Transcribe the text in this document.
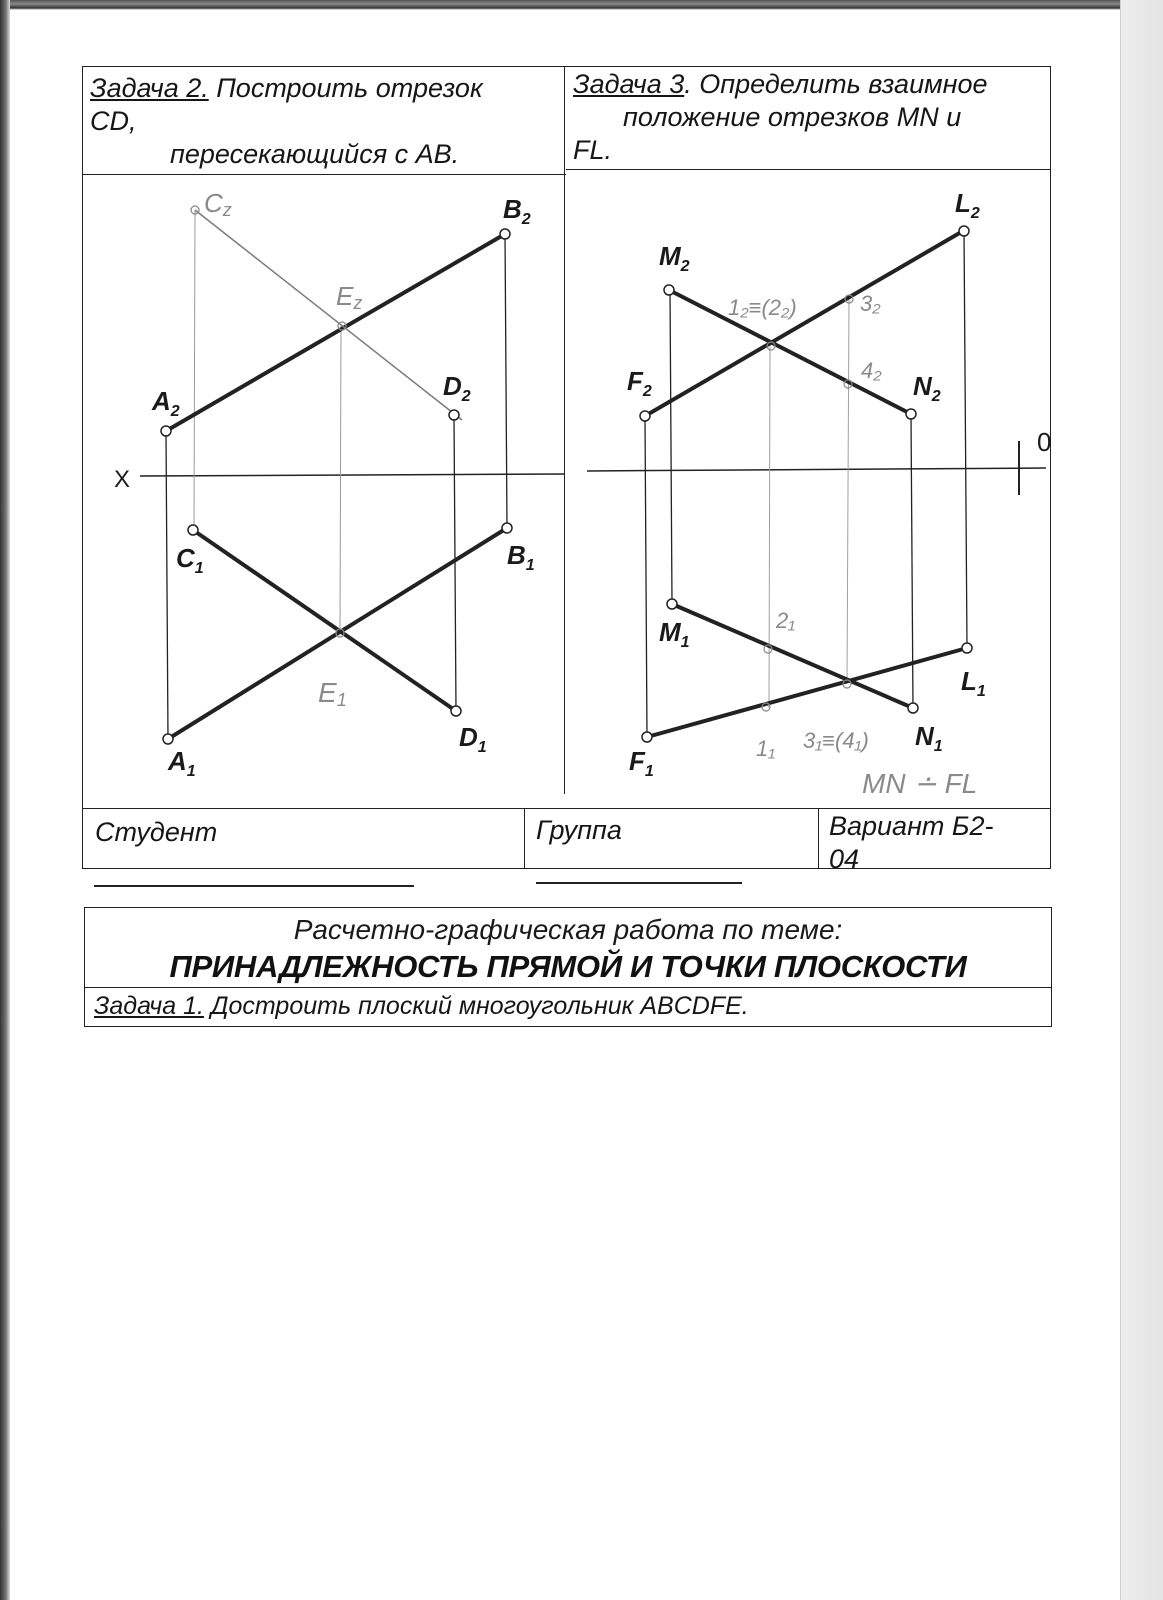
Задача 2. Построить отрезок
CD,
пересекающийся с AB.
Задача 3. Определить взаимное
положение отрезков MN и
FL.
X
$A_2$
$B_2$
$D_2$
Cz
Ez
$C_1$	$B_1$
E1
$A_1$
$D_1$
0
$M_2$
$L_2$
$F_2$	$N_2$
$M_1$
$L_1$
$N_1$
$F_1$
1₂≡(2₂)	3₂
4₂
2₁
1₁ 3₁≡(4₁)
MN ∸ FL
Студент	Группа	Вариант Б2-
04
Расчетно-графическая работа по теме:
ПРИНАДЛЕЖНОСТЬ ПРЯМОЙ И ТОЧКИ ПЛОСКОСТИ
Задача 1. Достроить плоский многоугольник ABCDFE.
